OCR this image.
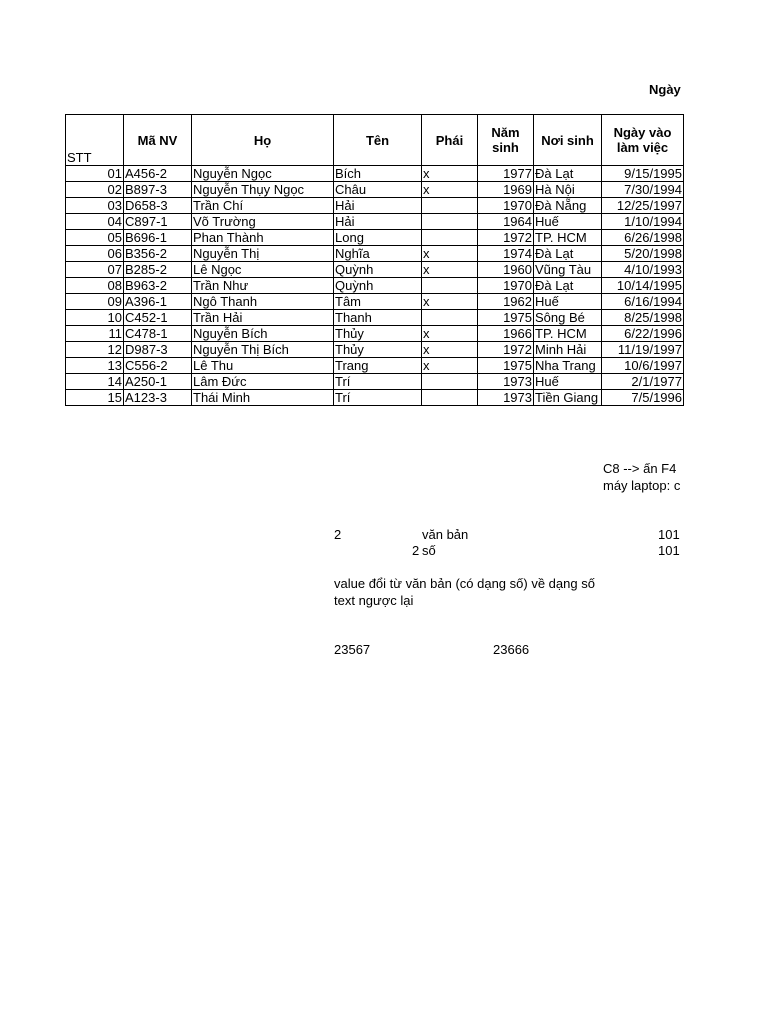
Ngày
STT	Mã NV	Họ	Tên	Phái	Năm sinh	Nơi sinh	Ngày vào làm việc
01	A456-2	Nguyễn Ngọc	Bích	x	1977	Đà Lạt	9/15/1995
02	B897-3	Nguyễn Thụy Ngọc	Châu	x	1969	Hà Nội	7/30/1994
03	D658-3	Trần Chí	Hải		1970	Đà Nẵng	12/25/1997
04	C897-1	Võ Trường	Hải		1964	Huế	1/10/1994
05	B696-1	Phan Thành	Long		1972	TP. HCM	6/26/1998
06	B356-2	Nguyễn Thị	Nghĩa	x	1974	Đà Lạt	5/20/1998
07	B285-2	Lê Ngọc	Quỳnh	x	1960	Vũng Tàu	4/10/1993
08	B963-2	Trần Như	Quỳnh		1970	Đà Lạt	10/14/1995
09	A396-1	Ngô Thanh	Tâm	x	1962	Huế	6/16/1994
10	C452-1	Trần Hải	Thanh		1975	Sông Bé	8/25/1998
11	C478-1	Nguyễn Bích	Thủy	x	1966	TP. HCM	6/22/1996
12	D987-3	Nguyễn Thị Bích	Thủy	x	1972	Minh Hải	11/19/1997
13	C556-2	Lê Thu	Trang	x	1975	Nha Trang	10/6/1997
14	A250-1	Lâm Đức	Trí		1973	Huế	2/1/1977
15	A123-3	Thái Minh	Trí		1973	Tiền Giang	7/5/1996
C8 --> ấn F4
máy laptop: c
2	văn bản	101
2 số	101
value đổi từ văn bản (có dạng số) về dạng số
text ngược lại
23567	23666
